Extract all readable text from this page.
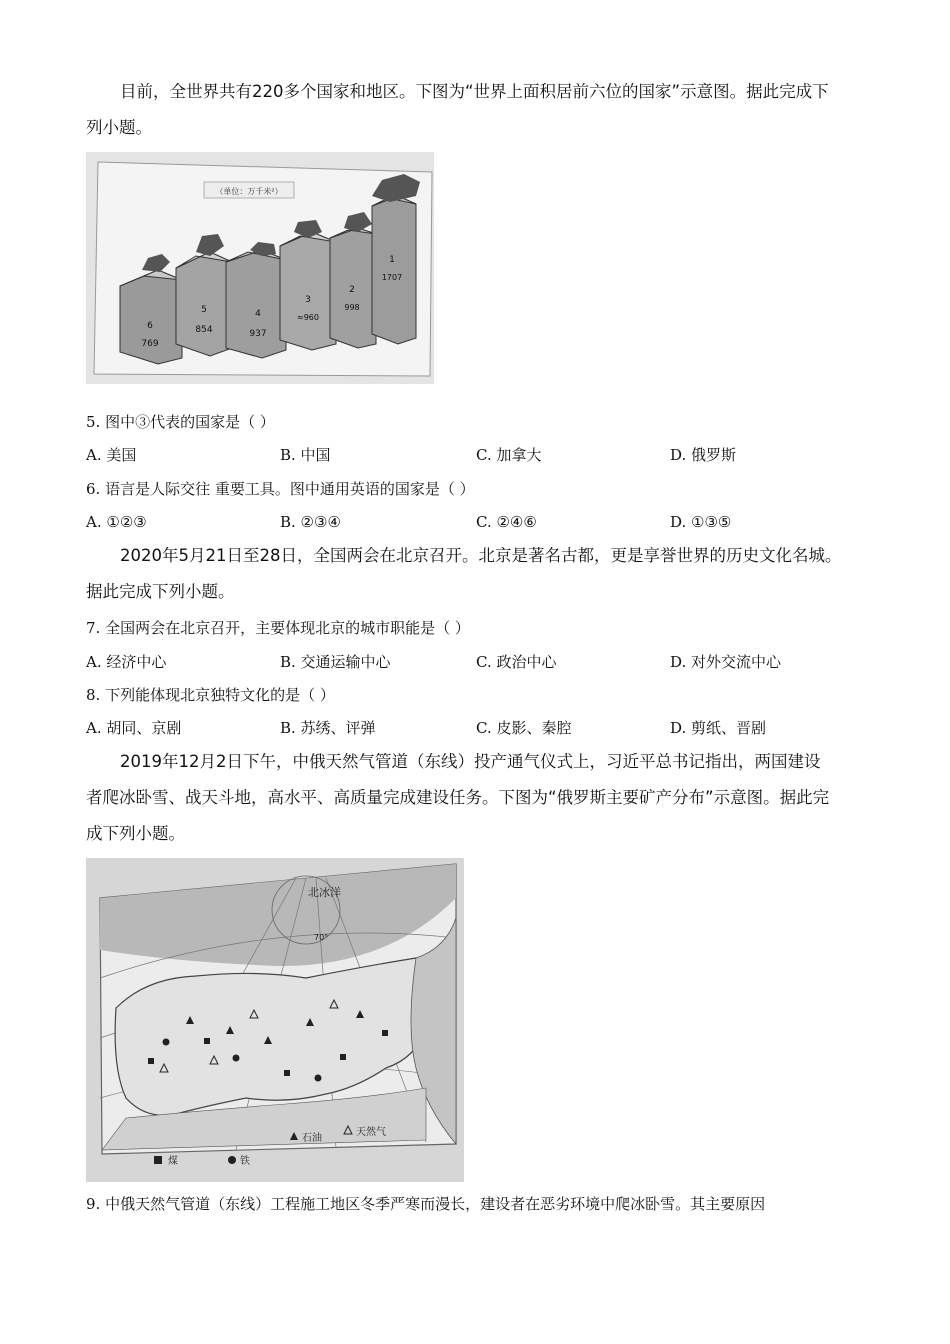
目前，全世界共有220多个国家和地区。下图为“世界上面积居前六位的国家”示意图。据此完成下
列小题。
（单位：万千米²）
6
769
5
854
4
937
3
≈960
2
998
1
1707
5. 图中③代表的国家是（ ）
A. 美国	B. 中国	C. 加拿大	D. 俄罗斯
6. 语言是人际交往 重要工具。图中通用英语的国家是（ ）
A. ①②③	B. ②③④	C. ②④⑥	D. ①③⑤
2020年5月21日至28日，全国两会在北京召开。北京是著名古都，更是享誉世界的历史文化名城。
据此完成下列小题。
7. 全国两会在北京召开，主要体现北京的城市职能是（ ）
A. 经济中心	B. 交通运输中心	C. 政治中心	D. 对外交流中心
8. 下列能体现北京独特文化的是（ ）
A. 胡同、京剧	B. 苏绣、评弹	C. 皮影、秦腔	D. 剪纸、晋剧
2019年12月2日下午，中俄天然气管道（东线）投产通气仪式上，习近平总书记指出，两国建设
者爬冰卧雪、战天斗地，高水平、高质量完成建设任务。下图为“俄罗斯主要矿产分布”示意图。据此完
成下列小题。
北冰洋
70°
煤	铁
石油
天然气
9. 中俄天然气管道（东线）工程施工地区冬季严寒而漫长，建设者在恶劣环境中爬冰卧雪。其主要原因
